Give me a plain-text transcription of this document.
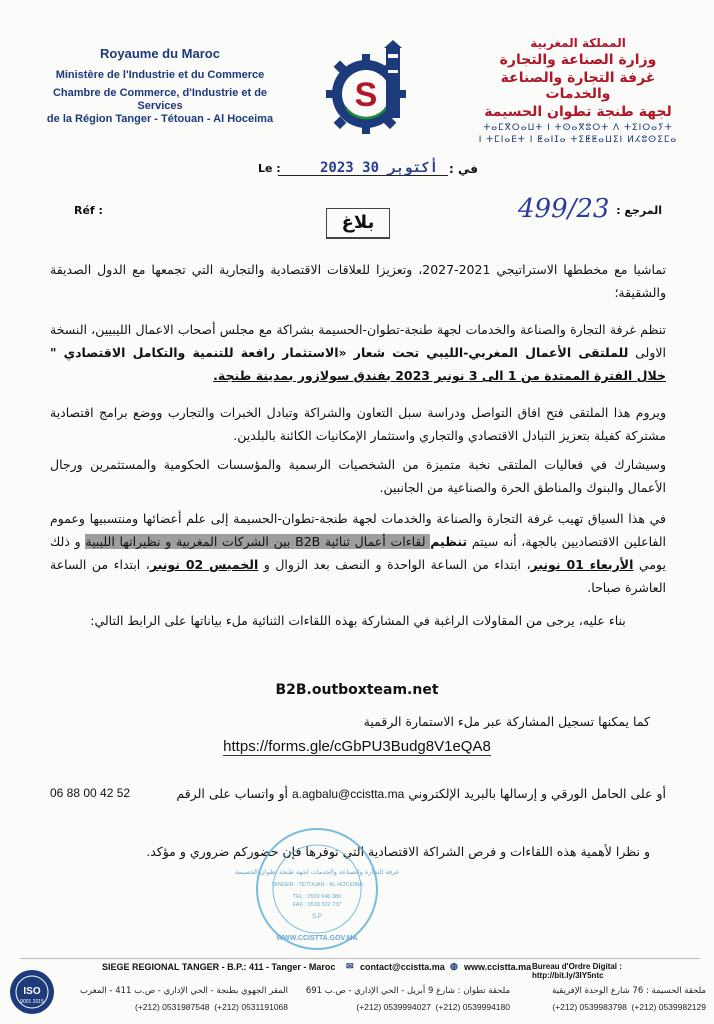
Royaume du Maroc
Ministère de l'Industrie et du Commerce
Chambre de Commerce, d'Industrie et de Services
de la Région Tanger - Tétouan - Al Hoceima
S
المملكة المغربية
وزارة الصناعة والتجارة
غرفة التجارة والصناعة والخدمات
لجهة طنجة تطوان الحسيمة
ⵜⴰⵎⴳⵔⴰⵡⵜ ⵏ ⵜⵙⴰⴳⵓⵔⵜ ⴷ ⵜⵉⵏⵔⴰⵢⵜ
ⵏ ⵜⵎⵏⴰⴹⵜ ⵏ ⵟⴰⵏⵊⴰ ⵜⵉⵟⵟⴰⵡⵉⵏ ⵍⵃⵓⵙⵉⵎⴰ
Le :	2023 أكتوبر 30 في :
Réf :	المرجع :
499/23
بلاغ

تماشيا مع مخططها الاستراتيجي 2021-2027، وتعزيزا للعلاقات الاقتصادية والتجارية التي تجمعها مع الدول الصديقة والشقيقة؛

تنظم غرفة التجارة والصناعة والخدمات لجهة طنجة-تطوان-الحسيمة بشراكة مع مجلس أصحاب الاعمال الليبيين، النسخة الاولى للملتقى الأعمال المغربي-الليبي تحت شعار «الاستثمار رافعة للتنمية والتكامل الاقتصادي " خلال الفترة الممتدة من 1 الى 3 نونبر 2023 بفندق سولازور بمدينة طنجة.

ويروم هذا الملتقى فتح افاق التواصل ودراسة سبل التعاون والشراكة وتبادل الخبرات والتجارب ووضع برامج اقتصادية مشتركة كفيلة بتعزيز التبادل الاقتصادي والتجاري واستثمار الإمكانيات الكائنة بالبلدين.

وسيشارك في فعاليات الملتقى نخبة متميزة من الشخصيات الرسمية والمؤسسات الحكومية والمستثمرين ورجال الأعمال والبنوك والمناطق الحرة والصناعية من الجانبين.

في هذا السياق تهيب غرفة التجارة والصناعة والخدمات لجهة طنجة-تطوان-الحسيمة إلى علم أعضائها ومنتسبيها وعموم الفاعلين الاقتصاديين بالجهة، أنه سيتم تنظيم لقاءات أعمال ثنائية B2B بين الشركات المغربية و نظيراتها الليبية و ذلك يومي الأربعاء 01 نونبر، ابتداء من الساعة الواحدة و النصف بعد الزوال و الخميس 02 نونبر، ابتداء من الساعة العاشرة صباحا.

بناء عليه، يرجى من المقاولات الراغبة في المشاركة بهذه اللقاءات الثنائية ملء بياناتها على الرابط التالي:

B2B.outboxteam.net
كما يمكنها تسجيل المشاركة عبر ملء الاستمارة الرقمية
https://forms.gle/cGbPU3Budg8V1eQA8
أو على الحامل الورقي و إرسالها بالبريد الإلكتروني a.agbalu@ccistta.ma أو واتساب على الرقم
06 88 00 42 52
و نظرا لأهمية هذه اللقاءات و فرص الشراكة الاقتصادية التي توفرها فإن حضوركم ضروري و مؤكد.
غرفة التجارة والصناعة والخدمات لجهة طنجة تطوان الحسيمة
TANGER - TETOUAN - AL HOCEIMA
TEL : 0539 946 380
FAX : 0539 322 737
S.P
WWW.CCISTTA.GOV.MA
ISO
9001 2015
SIEGE REGIONAL TANGER - B.P.: 411 - Tanger - Maroc ✉ contact@ccistta.ma ◍ www.ccistta.ma Bureau d'Ordre Digital : http://bit.ly/3IY5ntc
ملحقة الحسيمة : 76 شارع الوحدة الإفريقية
(+212) 0539983798 (+212) 0539982129
ملحقة تطوان : شارع 9 أبريل - الحي الإداري - ص.ب 691
(+212) 0539994027 (+212) 0539994180
المقر الجهوي بطنجة - الحي الإداري - ص.ب 411 - المغرب
(+212) 0531987548 (+212) 0531191068
